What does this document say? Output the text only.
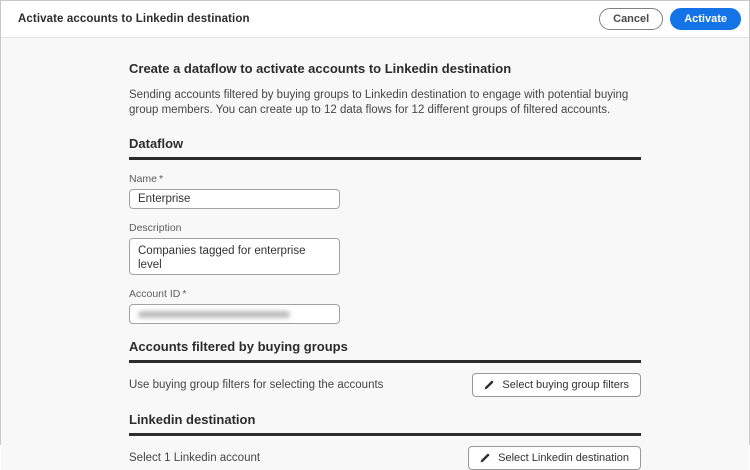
Activate accounts to Linkedin destination	Cancel	Activate
Create a dataflow to activate accounts to Linkedin destination

Sending accounts filtered by buying groups to Linkedin destination to engage with potential buying group members. You can create up to 12 data flows for 12 different groups of filtered accounts.

Dataflow
Name *
Enterprise
Description
Companies tagged for enterprise level
Account ID *
Accounts filtered by buying groups
Use buying group filters for selecting the accounts	Select buying group filters
Linkedin destination
Select 1 Linkedin account	Select Linkedin destination
